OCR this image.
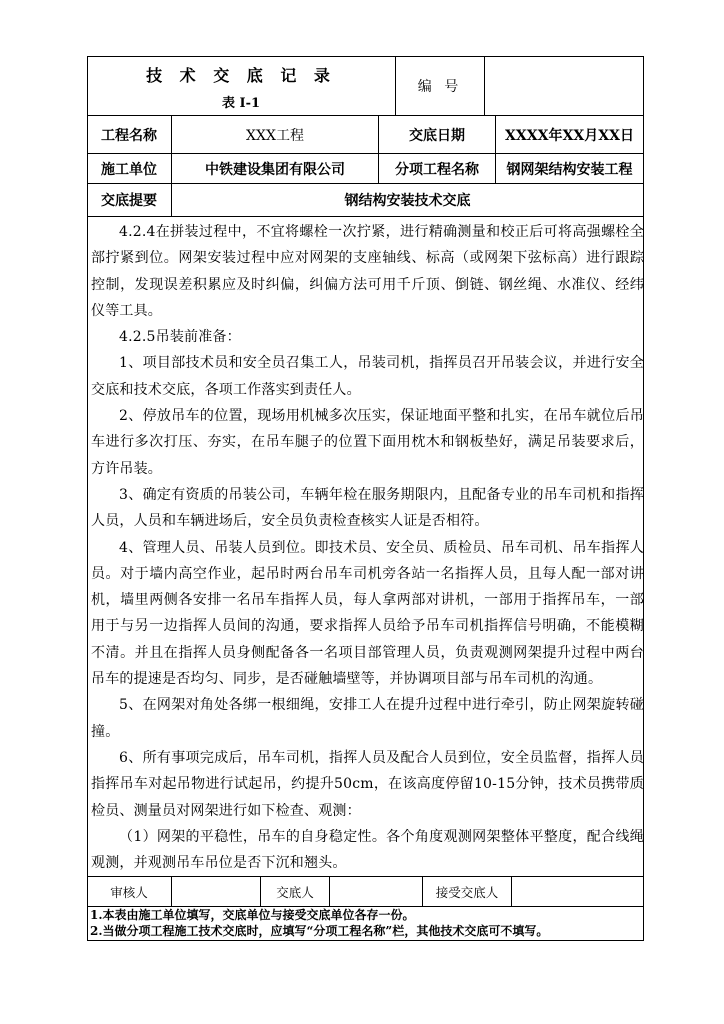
技 术 交 底 记 录
表 I-1
编 号
工程名称	XXX工程	交底日期	XXXX年XX月XX日
施工单位	中铁建设集团有限公司	分项工程名称	钢网架结构安装工程
交底提要	钢结构安装技术交底

4.2.4在拼装过程中，不宜将螺栓一次拧紧，进行精确测量和校正后可将高强螺栓全部拧紧到位。网架安装过程中应对网架的支座轴线、标高（或网架下弦标高）进行跟踪控制，发现误差积累应及时纠偏，纠偏方法可用千斤顶、倒链、钢丝绳、水准仪、经纬仪等工具。

4.2.5吊装前准备：

1、项目部技术员和安全员召集工人，吊装司机，指挥员召开吊装会议，并进行安全交底和技术交底，各项工作落实到责任人。

2、停放吊车的位置，现场用机械多次压实，保证地面平整和扎实，在吊车就位后吊车进行多次打压、夯实，在吊车腿子的位置下面用枕木和钢板垫好，满足吊装要求后，方许吊装。

3、确定有资质的吊装公司，车辆年检在服务期限内，且配备专业的吊车司机和指挥人员，人员和车辆进场后，安全员负责检查核实人证是否相符。

4、管理人员、吊装人员到位。即技术员、安全员、质检员、吊车司机、吊车指挥人员。对于墙内高空作业，起吊时两台吊车司机旁各站一名指挥人员，且每人配一部对讲机，墙里两侧各安排一名吊车指挥人员，每人拿两部对讲机，一部用于指挥吊车，一部用于与另一边指挥人员间的沟通，要求指挥人员给予吊车司机指挥信号明确，不能模糊不清。并且在指挥人员身侧配备各一名项目部管理人员，负责观测网架提升过程中两台吊车的提速是否均匀、同步，是否碰触墙壁等，并协调项目部与吊车司机的沟通。

5、在网架对角处各绑一根细绳，安排工人在提升过程中进行牵引，防止网架旋转碰撞。

6、所有事项完成后，吊车司机，指挥人员及配合人员到位，安全员监督，指挥人员指挥吊车对起吊物进行试起吊，约提升50cm，在该高度停留10-15分钟，技术员携带质检员、测量员对网架进行如下检查、观测：

（1）网架的平稳性，吊车的自身稳定性。各个角度观测网架整体平整度，配合线绳观测，并观测吊车吊位是否下沉和翘头。

审核人	交底人	接受交底人
1.本表由施工单位填写，交底单位与接受交底单位各存一份。
2.当做分项工程施工技术交底时，应填写“分项工程名称”栏，其他技术交底可不填写。
